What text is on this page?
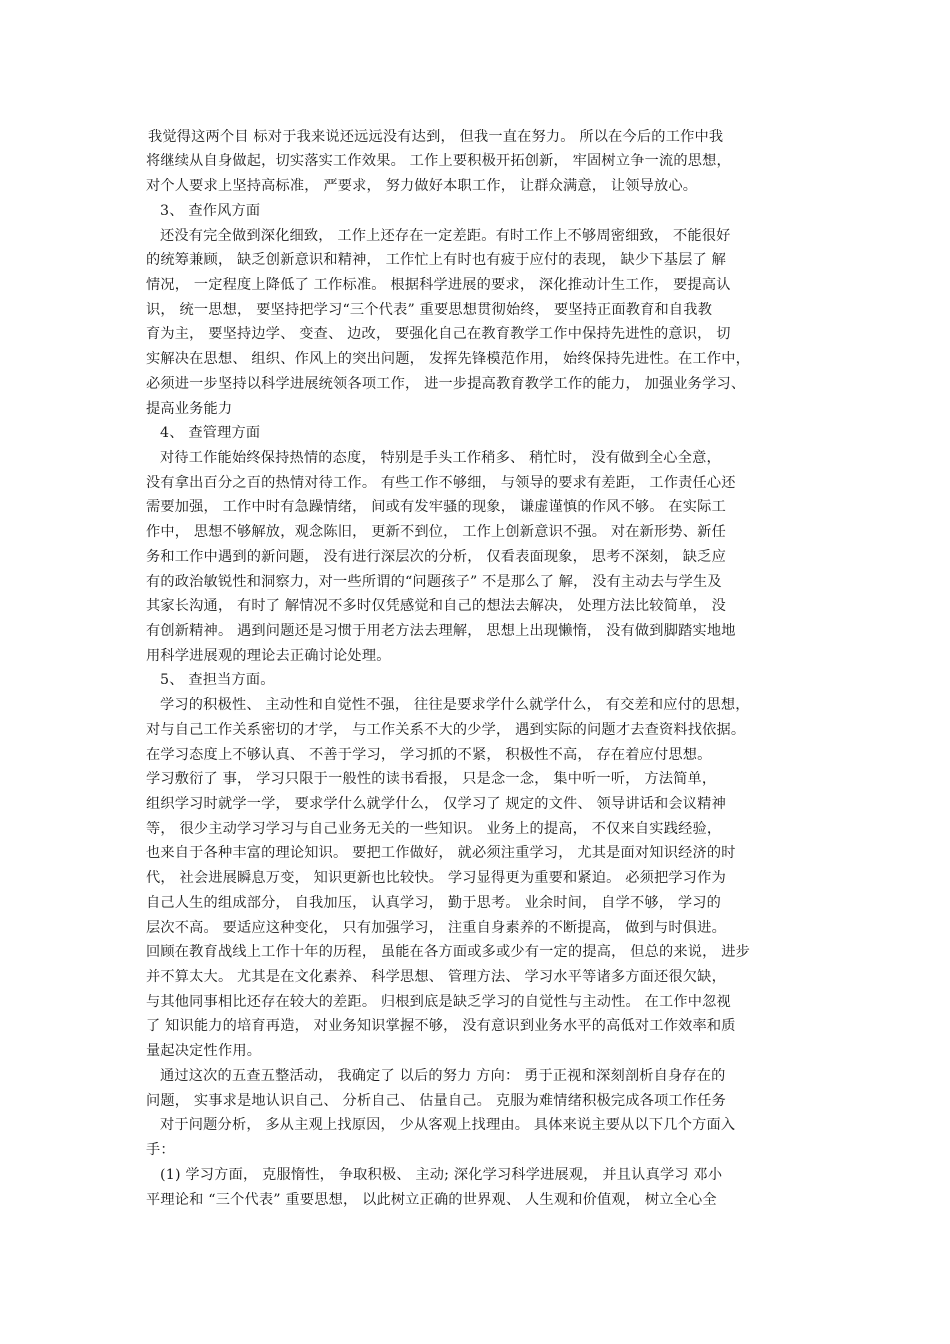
我觉得这两个目 标对于我来说还远远没有达到， 但我一直在努力。 所以在今后的工作中我
将继续从自身做起，切实落实工作效果。 工作上要积极开拓创新， 牢固树立争一流的思想，
对个人要求上坚持高标准， 严要求， 努力做好本职工作， 让群众满意， 让领导放心。
3、 查作风方面
还没有完全做到深化细致， 工作上还存在一定差距。有时工作上不够周密细致， 不能很好
的统筹兼顾， 缺乏创新意识和精神， 工作忙上有时也有疲于应付的表现， 缺少下基层了 解
情况， 一定程度上降低了 工作标准。 根据科学进展的要求， 深化推动计生工作， 要提高认
识， 统一思想， 要坚持把学习“三个代表” 重要思想贯彻始终， 要坚持正面教育和自我教
育为主， 要坚持边学、 变查、 边改， 要强化自己在教育教学工作中保持先进性的意识， 切
实解决在思想、 组织、作风上的突出问题， 发挥先锋模范作用， 始终保持先进性。在工作中，
必须进一步坚持以科学进展统领各项工作， 进一步提高教育教学工作的能力， 加强业务学习、
提高业务能力
4、 查管理方面
对待工作能始终保持热情的态度， 特别是手头工作稍多、 稍忙时， 没有做到全心全意，
没有拿出百分之百的热情对待工作。 有些工作不够细， 与领导的要求有差距， 工作责任心还
需要加强， 工作中时有急躁情绪， 间或有发牢骚的现象， 谦虚谨慎的作风不够。 在实际工
作中， 思想不够解放，观念陈旧， 更新不到位， 工作上创新意识不强。 对在新形势、新任
务和工作中遇到的新问题， 没有进行深层次的分析， 仅看表面现象， 思考不深刻， 缺乏应
有的政治敏锐性和洞察力，对一些所谓的“问题孩子” 不是那么了 解， 没有主动去与学生及
其家长沟通， 有时了 解情况不多时仅凭感觉和自己的想法去解决， 处理方法比较简单， 没
有创新精神。 遇到问题还是习惯于用老方法去理解， 思想上出现懒惰， 没有做到脚踏实地地
用科学进展观的理论去正确讨论处理。
5、 查担当方面。
学习的积极性、 主动性和自觉性不强， 往往是要求学什么就学什么， 有交差和应付的思想，
对与自己工作关系密切的才学， 与工作关系不大的少学， 遇到实际的问题才去查资料找依据。
在学习态度上不够认真、 不善于学习， 学习抓的不紧， 积极性不高， 存在着应付思想。
学习敷衍了 事， 学习只限于一般性的读书看报， 只是念一念， 集中听一听， 方法简单，
组织学习时就学一学， 要求学什么就学什么， 仅学习了 规定的文件、 领导讲话和会议精神
等， 很少主动学习学习与自己业务无关的一些知识。 业务上的提高， 不仅来自实践经验，
也来自于各种丰富的理论知识。 要把工作做好， 就必须注重学习， 尤其是面对知识经济的时
代， 社会进展瞬息万变， 知识更新也比较快。 学习显得更为重要和紧迫。 必须把学习作为
自己人生的组成部分， 自我加压， 认真学习， 勤于思考。 业余时间， 自学不够， 学习的
层次不高。 要适应这种变化， 只有加强学习， 注重自身素养的不断提高， 做到与时俱进。
回顾在教育战线上工作十年的历程， 虽能在各方面或多或少有一定的提高， 但总的来说， 进步
并不算太大。 尤其是在文化素养、 科学思想、 管理方法、 学习水平等诸多方面还很欠缺，
与其他同事相比还存在较大的差距。 归根到底是缺乏学习的自觉性与主动性。 在工作中忽视
了 知识能力的培育再造， 对业务知识掌握不够， 没有意识到业务水平的高低对工作效率和质
量起决定性作用。
通过这次的五查五整活动， 我确定了 以后的努力 方向： 勇于正视和深刻剖析自身存在的
问题， 实事求是地认识自己、 分析自己、 估量自己。 克服为难情绪积极完成各项工作任务
对于问题分析， 多从主观上找原因， 少从客观上找理由。 具体来说主要从以下几个方面入
手：
(1) 学习方面， 克服惰性， 争取积极、 主动; 深化学习科学进展观， 并且认真学习 邓小
平理论和 “三个代表” 重要思想， 以此树立正确的世界观、 人生观和价值观， 树立全心全
